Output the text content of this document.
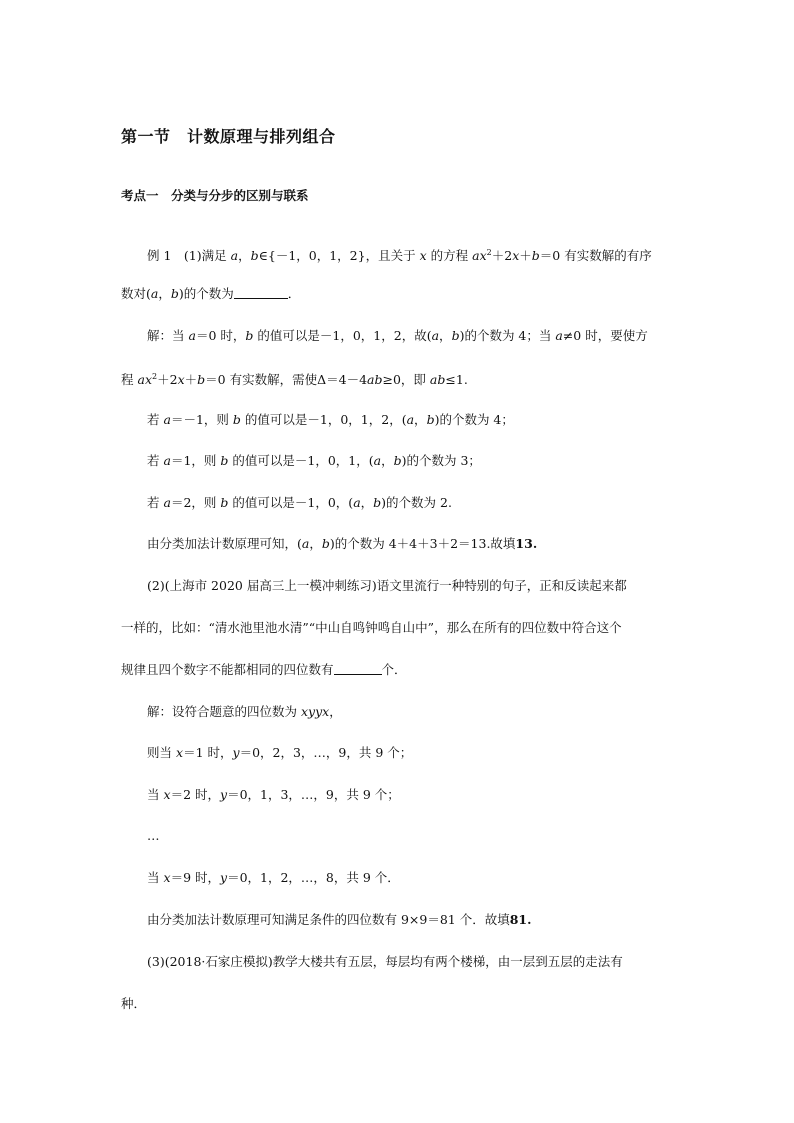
第一节　计数原理与排列组合
考点一　分类与分步的区别与联系
例 1　(1)满足 a，b∈{－1，0，1，2}，且关于 x 的方程 $ax^2+2x+b=0$ 有实数解的有序
数对(a，b)的个数为	．
解：当 a＝0 时，b 的值可以是－1，0，1，2，故(a，b)的个数为 4；当 a≠0 时，要使方
程 $ax^2+2x+b=0$ 有实数解，需使Δ＝4－4ab≥0，即 ab≤1.
若 a＝－1，则 b 的值可以是－1，0，1，2，(a，b)的个数为 4；
若 a＝1，则 b 的值可以是－1，0，1，(a，b)的个数为 3；
若 a＝2，则 b 的值可以是－1，0，(a，b)的个数为 2.
由分类加法计数原理可知，(a，b)的个数为 4＋4＋3＋2＝13.故填13.
(2)(上海市 2020 届高三上一模冲刺练习)语文里流行一种特别的句子，正和反读起来都
一样的，比如：“清水池里池水清”“中山自鸣钟鸣自山中”，那么在所有的四位数中符合这个
规律且四个数字不能都相同的四位数有	个．
解：设符合题意的四位数为 xyyx，
则当 x＝1 时，y＝0，2，3，…，9，共 9 个；
当 x＝2 时，y＝0，1，3，…，9，共 9 个；
…
当 x＝9 时，y＝0，1，2，…，8，共 9 个．
由分类加法计数原理可知满足条件的四位数有 9×9＝81 个．故填81.
(3)(2018·石家庄模拟)教学大楼共有五层，每层均有两个楼梯，由一层到五层的走法有
种．
